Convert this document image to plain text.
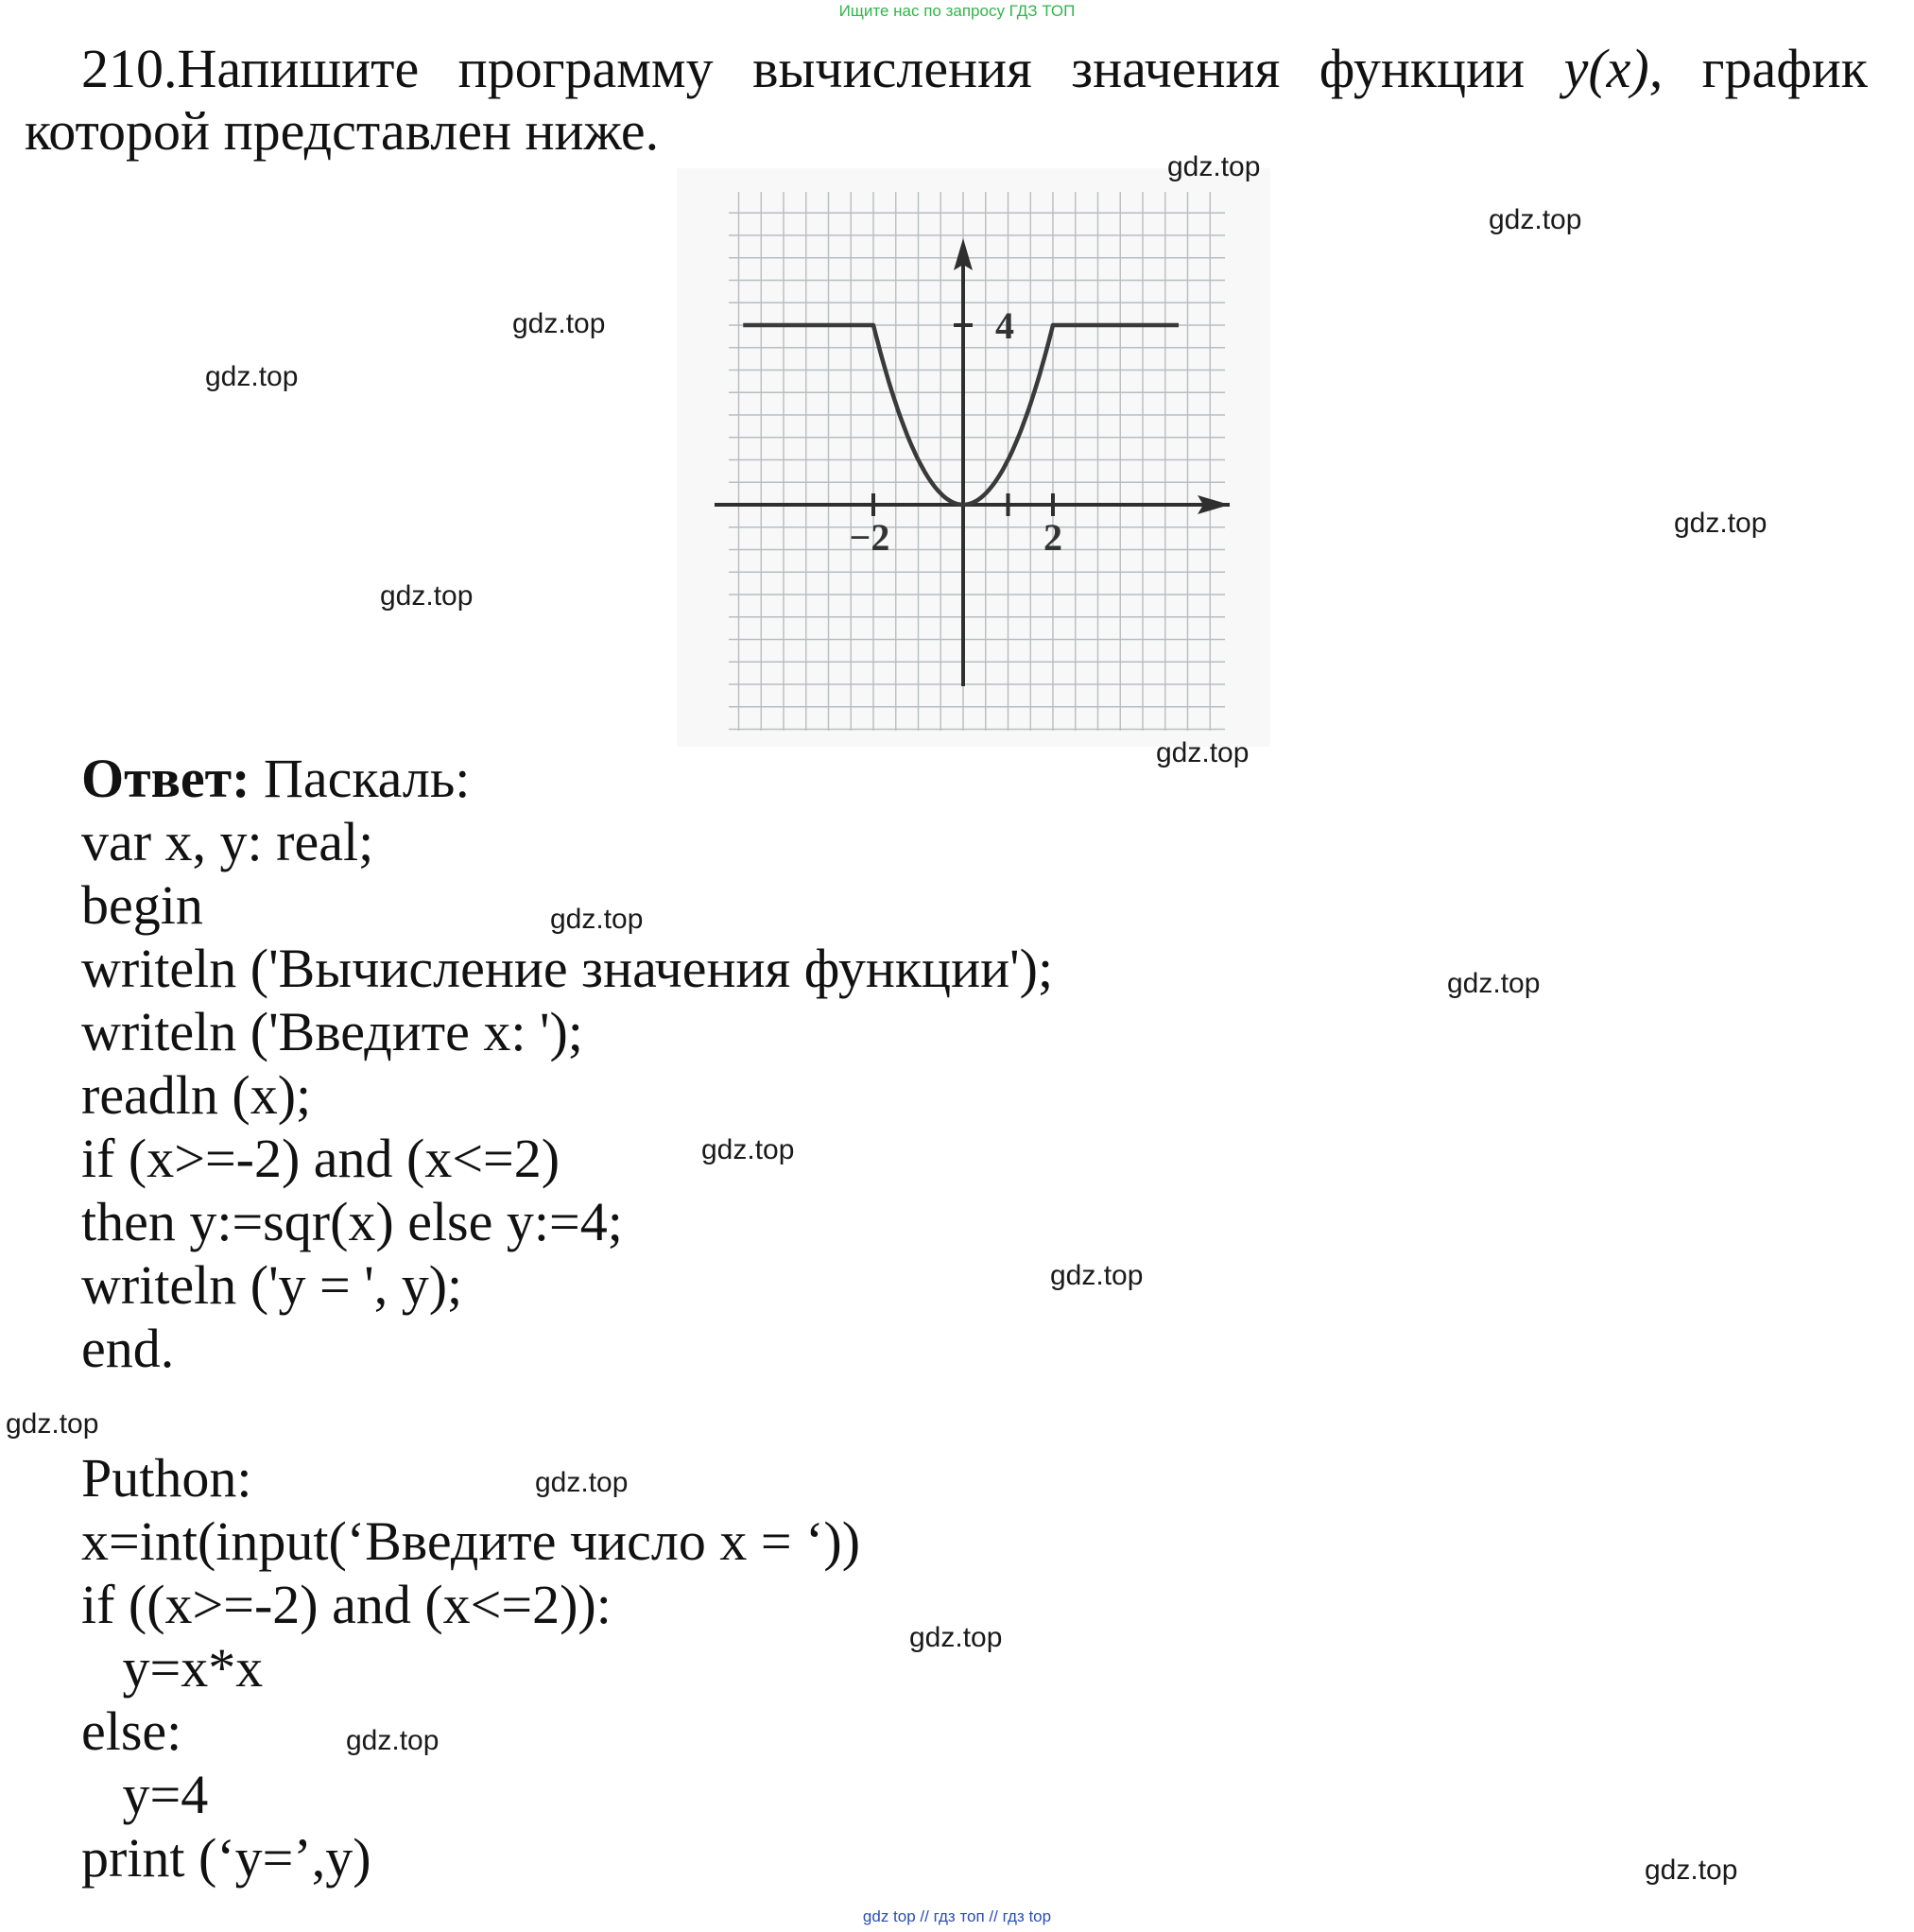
Ищите нас по запросу ГДЗ ТОП
210.Напишите программу вычисления значения функции y(x), график
которой представлен ниже.
−2	2
4
Ответ: Паскаль:
var x, y: real;
begin
writeln ('Вычисление значения функции');
writeln ('Введите x: ');
readln (x);
if (x>=-2) and (x<=2)
then y:=sqr(x) else y:=4;
writeln ('y = ', y);
end.
Puthon:
x=int(input(‘Введите число x = ‘))
if ((x>=-2) and (x<=2)):
y=x*x
else:
y=4
print (‘y=’,y)
gdz.top
gdz.top
gdz.top
gdz.top
gdz.top
gdz.top
gdz.top
gdz.top
gdz.top
gdz.top
gdz.top
gdz.top
gdz.top
gdz.top
gdz.top
gdz.top
gdz top // гдз топ // гдз top
